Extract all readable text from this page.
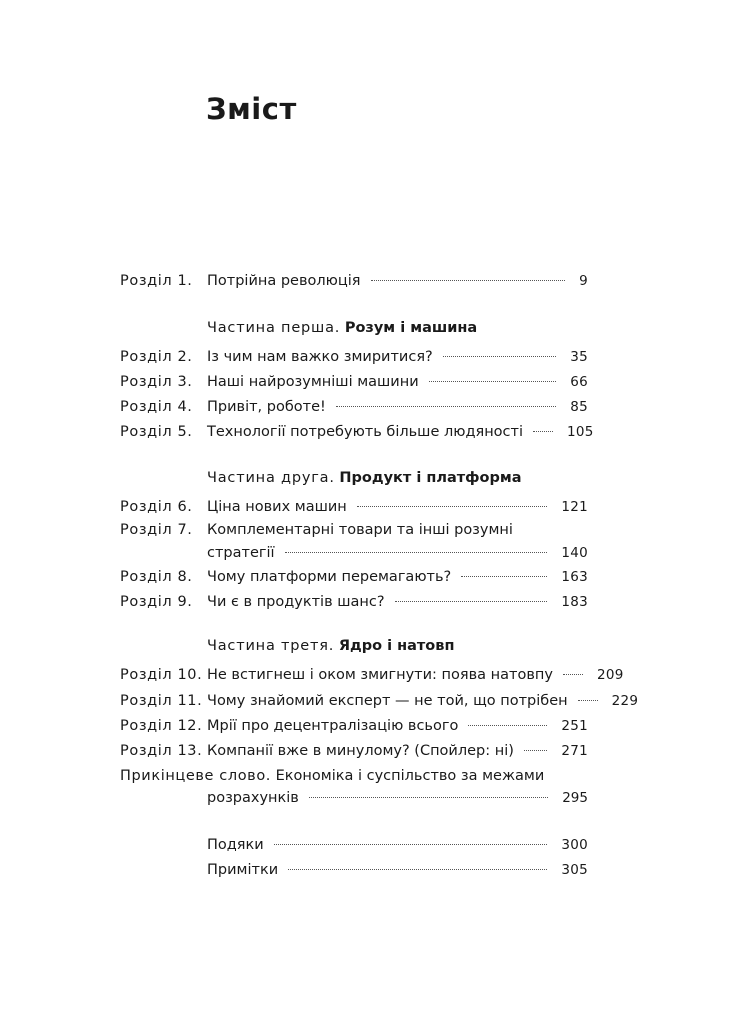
Зміст
Розділ 1. Потрійна революція	9
Частина перша. Розум і машина
Розділ 2. Із чим нам важко змиритися?	35
Розділ 3. Наші найрозумніші машини	66
Розділ 4. Привіт, роботе!	85
Розділ 5. Технології потребують більше людяності	105
Частина друга. Продукт і платформа
Розділ 6. Ціна нових машин	121
Розділ 7. Комплементарні товари та інші розумні
стратегії	140
Розділ 8. Чому платформи перемагають?	163
Розділ 9. Чи є в продуктів шанс?	183
Частина третя. Ядро і натовп
Розділ 10. Не встигнеш і оком змигнути: поява натовпу	209
Розділ 11. Чому знайомий експерт — не той, що потрібен	229
Розділ 12. Мрії про децентралізацію всього	251
Розділ 13. Компанії вже в минулому? (Спойлер: ні)	271
Прикінцеве слово. Економіка і суспільство за межами
розрахунків	295
Подяки	300
Примітки	305
